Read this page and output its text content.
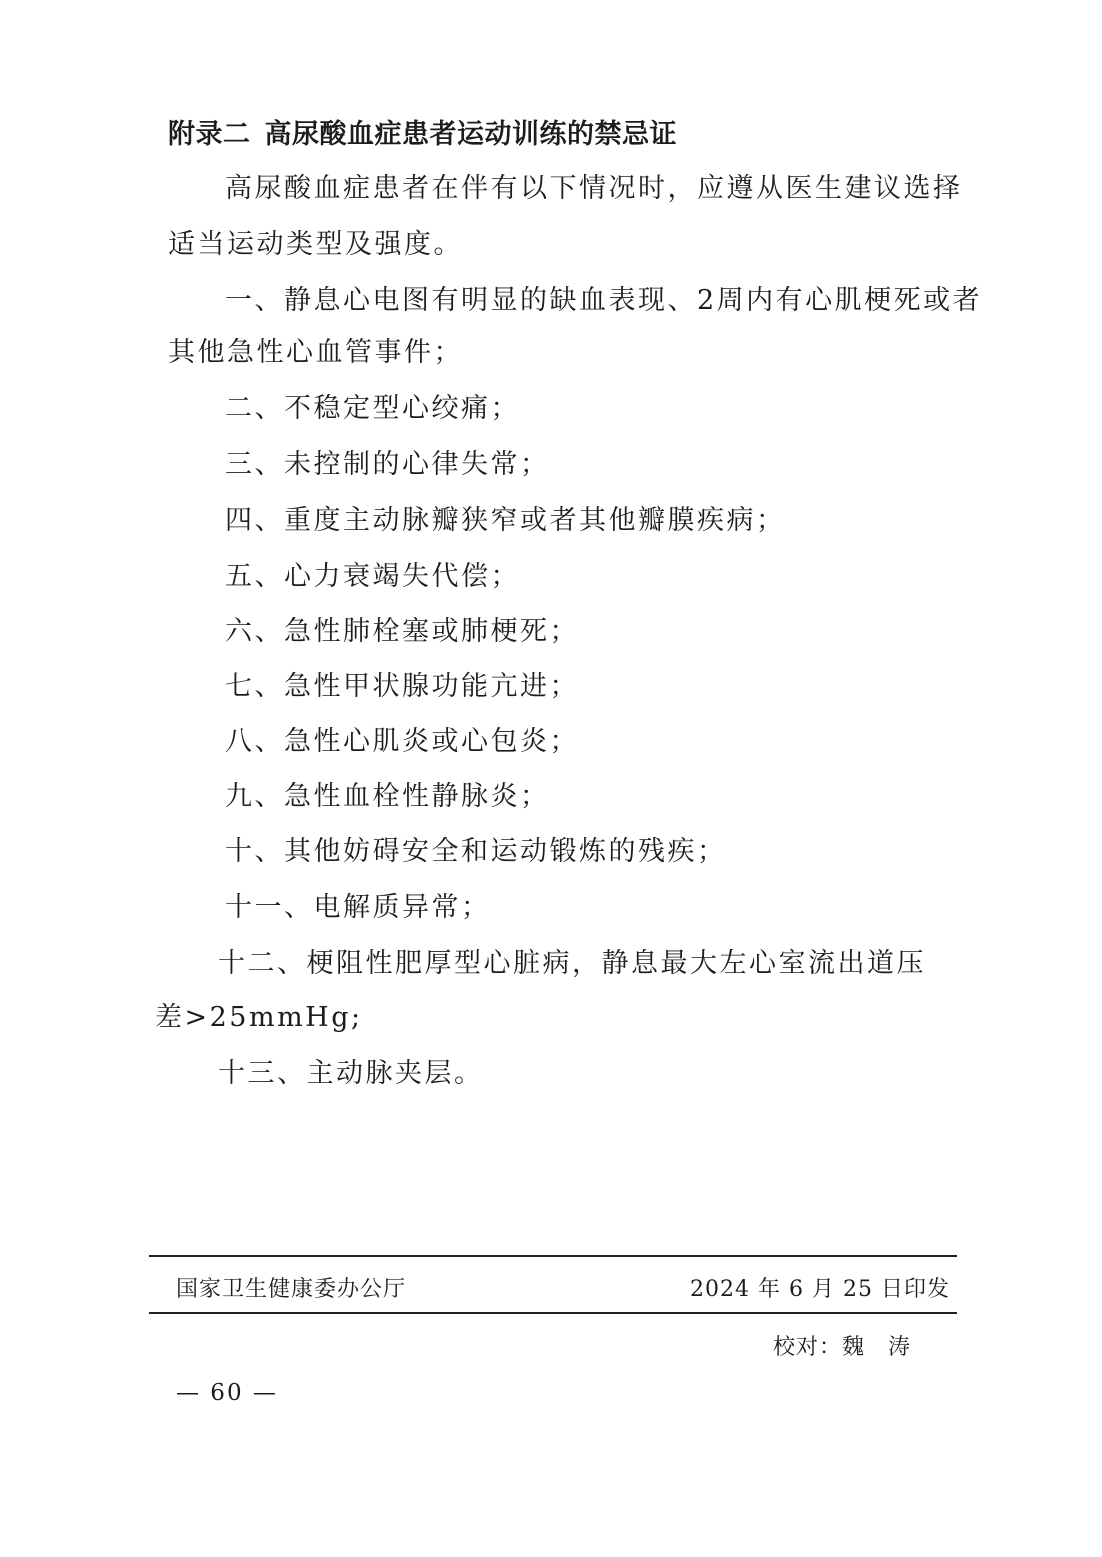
附录二 高尿酸血症患者运动训练的禁忌证
高尿酸血症患者在伴有以下情况时，应遵从医生建议选择
适当运动类型及强度。
一、静息心电图有明显的缺血表现、2周内有心肌梗死或者
其他急性心血管事件；
二、不稳定型心绞痛；
三、未控制的心律失常；
四、重度主动脉瓣狭窄或者其他瓣膜疾病；
五、心力衰竭失代偿；
六、急性肺栓塞或肺梗死；
七、急性甲状腺功能亢进；
八、急性心肌炎或心包炎；
九、急性血栓性静脉炎；
十、其他妨碍安全和运动锻炼的残疾；
十一、电解质异常；
十二、梗阻性肥厚型心脏病，静息最大左心室流出道压
差>25mmHg;
十三、主动脉夹层。
国家卫生健康委办公厅	2024 年 6 月 25 日印发
校对：魏　涛
— 60 —
